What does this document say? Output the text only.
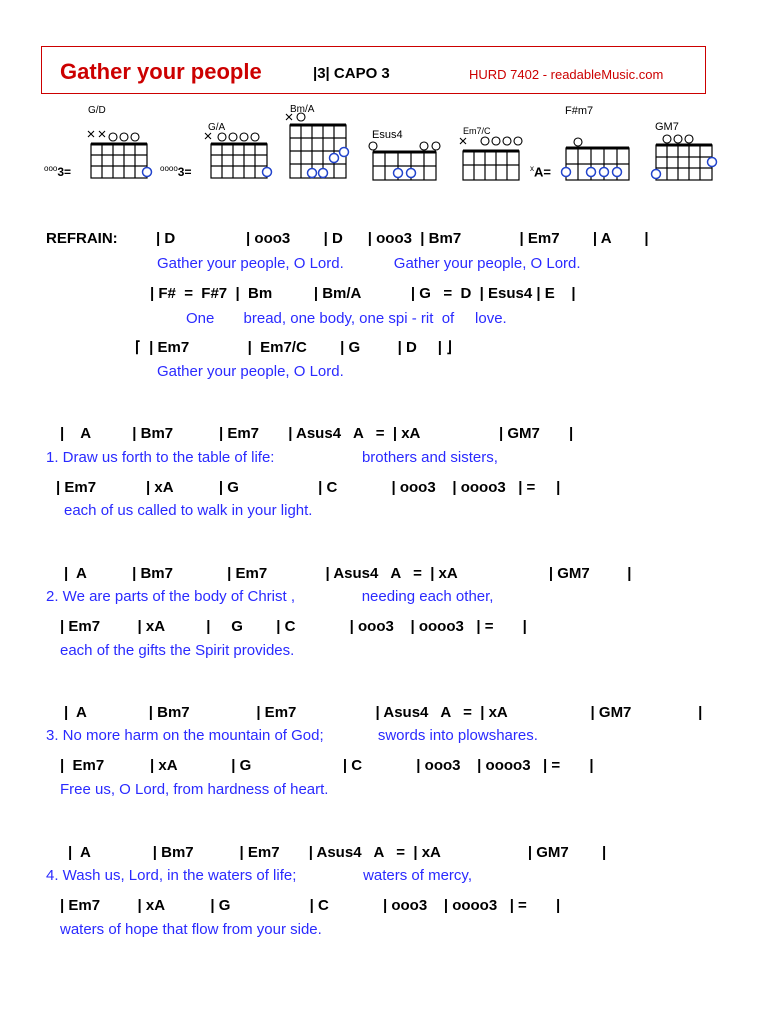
Gather your people	|3| CAPO 3	HURD 7402 - readableMusic.com
$^{ooo}$3=
G/D
$^{oooo}$3=
G/A
Bm/A
Esus4	Em7/C
$^x$A=
F#m7
GM7
REFRAIN:	| D                 | ooo3        | D      | ooo3  | Bm7              | Em7        | A        |
Gather your people, O Lord.            Gather your people, O Lord.
| F#  =  F#7  |  Bm          | Bm/A            | G   =  D  | Esus4 | E    |
One       bread, one body, one spi - rit  of     love.
⌈  | Em7              |  Em7/C        | G         | D     | ⌋
Gather your people, O Lord.
|    A          | Bm7           | Em7       | Asus4   A   =  | xA                   | GM7       |
1. Draw us forth to the table of life:                     brothers and sisters,
| Em7            | xA           | G                   | C             | ooo3    | oooo3   | =     |
each of us called to walk in your light.
|  A           | Bm7             | Em7              | Asus4   A   =  | xA                      | GM7         |
2. We are parts of the body of Christ ,                needing each other,
| Em7         | xA          |     G        | C             | ooo3    | oooo3   | =       |
each of the gifts the Spirit provides.
|  A               | Bm7                | Em7                   | Asus4   A   =  | xA                    | GM7                |
3. No more harm on the mountain of God;             swords into plowshares.
|  Em7           | xA             | G                      | C             | ooo3    | oooo3   | =       |
Free us, O Lord, from hardness of heart.
|  A               | Bm7           | Em7       | Asus4   A   =  | xA                     | GM7        |
4. Wash us, Lord, in the waters of life;                waters of mercy,
| Em7         | xA           | G                   | C             | ooo3    | oooo3   | =       |
waters of hope that flow from your side.
